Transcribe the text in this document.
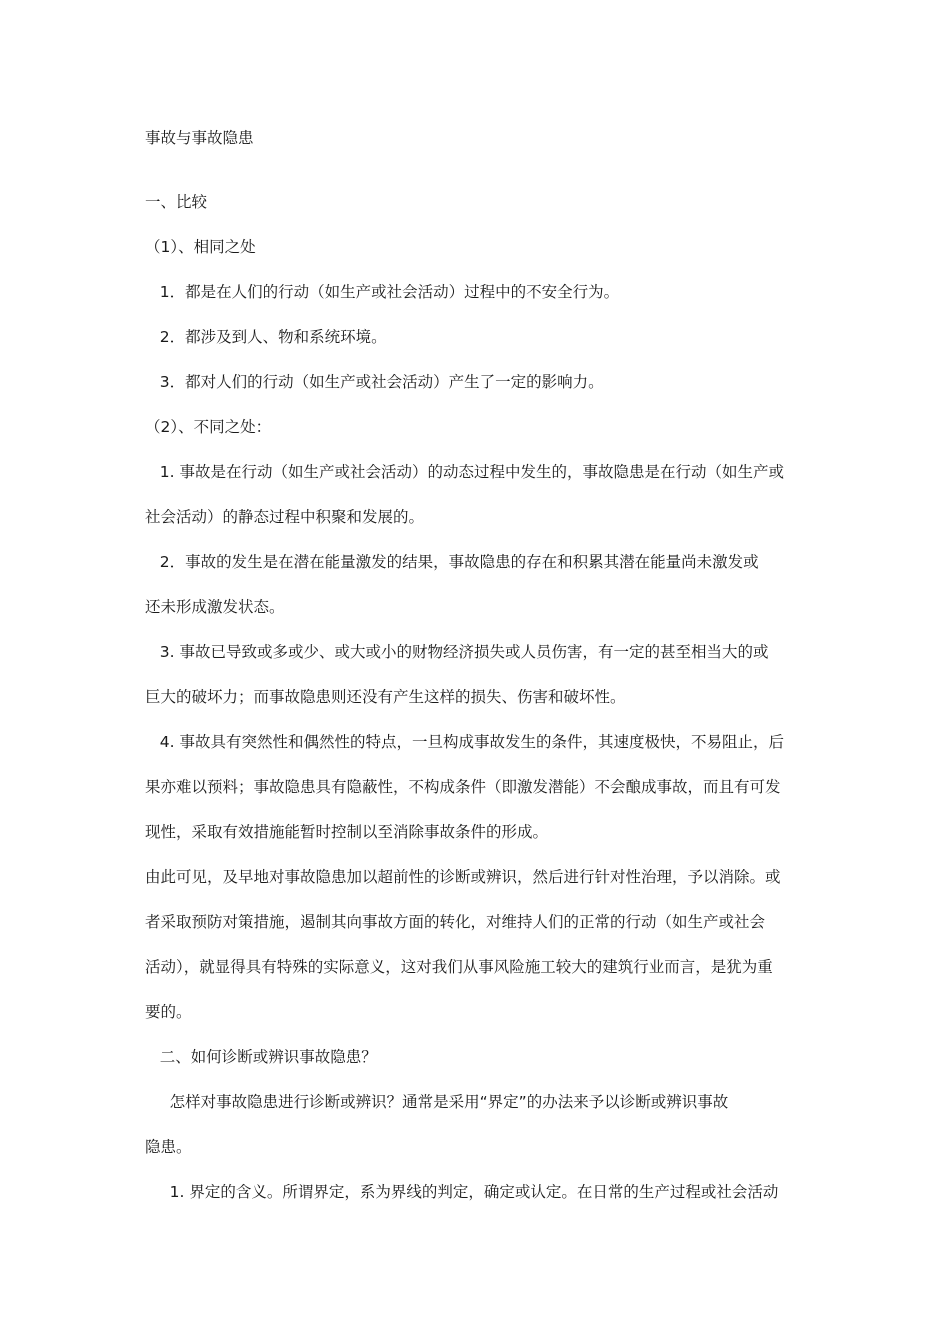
事故与事故隐患
一、比较
（1）、相同之处
1．都是在人们的行动（如生产或社会活动）过程中的不安全行为。
2．都涉及到人、物和系统环境。
3．都对人们的行动（如生产或社会活动）产生了一定的影响力。
（2）、不同之处：
1. 事故是在行动（如生产或社会活动）的动态过程中发生的，事故隐患是在行动（如生产或
社会活动）的静态过程中积聚和发展的。
2．事故的发生是在潜在能量激发的结果，事故隐患的存在和积累其潜在能量尚未激发或
还未形成激发状态。
3. 事故已导致或多或少、或大或小的财物经济损失或人员伤害，有一定的甚至相当大的或
巨大的破坏力；而事故隐患则还没有产生这样的损失、伤害和破坏性。
4. 事故具有突然性和偶然性的特点，一旦构成事故发生的条件，其速度极快，不易阻止，后
果亦难以预料；事故隐患具有隐蔽性，不构成条件（即激发潜能）不会酿成事故，而且有可发
现性，采取有效措施能暂时控制以至消除事故条件的形成。
由此可见，及早地对事故隐患加以超前性的诊断或辨识，然后进行针对性治理，予以消除。或
者采取预防对策措施，遏制其向事故方面的转化，对维持人们的正常的行动（如生产或社会
活动），就显得具有特殊的实际意义，这对我们从事风险施工较大的建筑行业而言，是犹为重
要的。
二、如何诊断或辨识事故隐患？
怎样对事故隐患进行诊断或辨识？通常是采用“界定”的办法来予以诊断或辨识事故
隐患。
1. 界定的含义。所谓界定，系为界线的判定，确定或认定。在日常的生产过程或社会活动
